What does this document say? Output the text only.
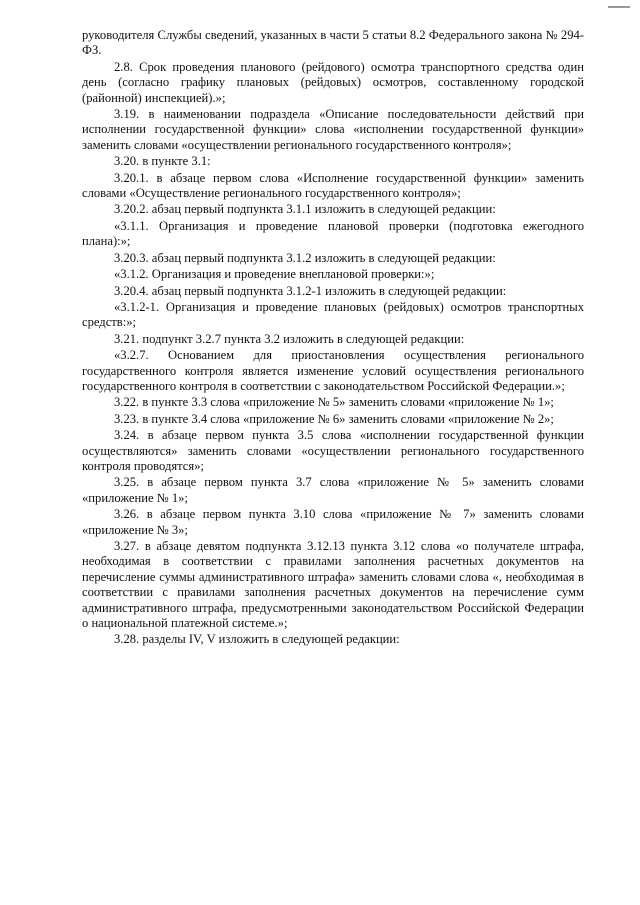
руководителя Службы сведений, указанных в части 5 статьи 8.2 Федерального закона № 294-ФЗ.

2.8. Срок проведения планового (рейдового) осмотра транспортного средства один день (согласно графику плановых (рейдовых) осмотров, составленному городской (районной) инспекцией).»;

3.19. в наименовании подраздела «Описание последовательности действий при исполнении государственной функции» слова «исполнении государственной функции» заменить словами «осуществлении регионального государственного контроля»;

3.20. в пункте 3.1:

3.20.1. в абзаце первом слова «Исполнение государственной функции» заменить словами «Осуществление регионального государственного контроля»;

3.20.2. абзац первый подпункта 3.1.1 изложить в следующей редакции:

«3.1.1. Организация и проведение плановой проверки (подготовка ежегодного плана):»;

3.20.3. абзац первый подпункта 3.1.2 изложить в следующей редакции:

«3.1.2. Организация и проведение внеплановой проверки:»;

3.20.4. абзац первый подпункта 3.1.2-1 изложить в следующей редакции:

«3.1.2-1. Организация и проведение плановых (рейдовых) осмотров транспортных средств:»;

3.21. подпункт 3.2.7 пункта 3.2 изложить в следующей редакции:

«3.2.7. Основанием для приостановления осуществления регионального государственного контроля является изменение условий осуществления регионального государственного контроля в соответствии с законодательством Российской Федерации.»;

3.22. в пункте 3.3 слова «приложение № 5» заменить словами «приложение № 1»;

3.23. в пункте 3.4 слова «приложение № 6» заменить словами «приложение № 2»;

3.24. в абзаце первом пункта 3.5 слова «исполнении государственной функции осуществляются» заменить словами «осуществлении регионального государственного контроля проводятся»;

3.25. в абзаце первом пункта 3.7 слова «приложение № 5» заменить словами «приложение № 1»;

3.26. в абзаце первом пункта 3.10 слова «приложение № 7» заменить словами «приложение № 3»;

3.27. в абзаце девятом подпункта 3.12.13 пункта 3.12 слова «о получателе штрафа, необходимая в соответствии с правилами заполнения расчетных документов на перечисление суммы административного штрафа» заменить словами слова «, необходимая в соответствии с правилами заполнения расчетных документов на перечисление сумм административного штрафа, предусмотренными законодательством Российской Федерации о национальной платежной системе.»;

3.28. разделы IV, V изложить в следующей редакции:
